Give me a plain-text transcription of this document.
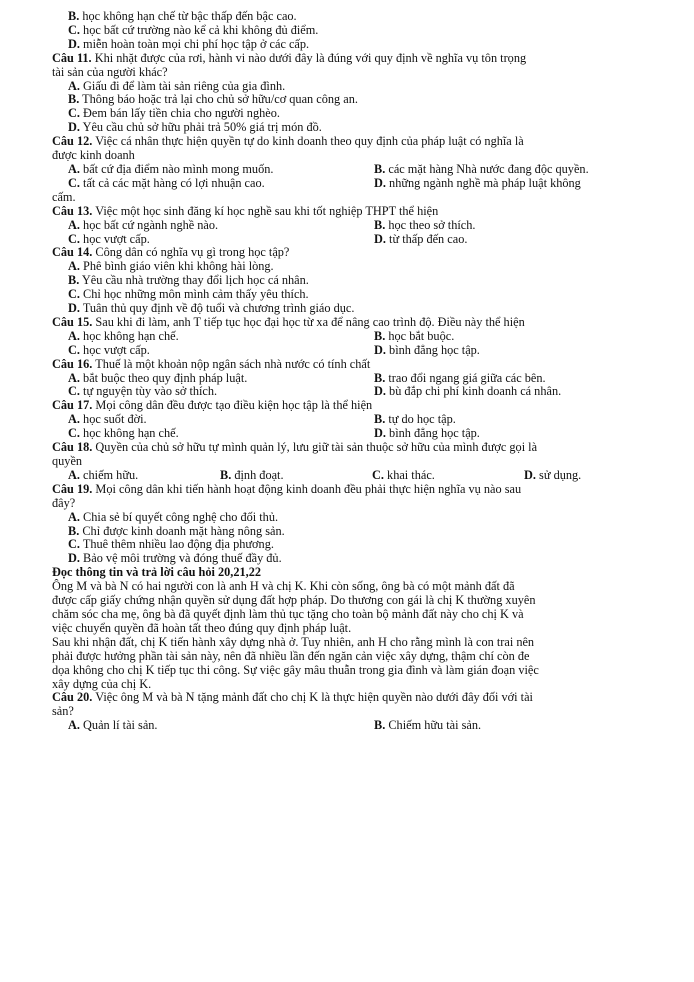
B. học không hạn chế từ bậc thấp đến bậc cao.
C. học bất cứ trường nào kể cả khi không đủ điểm.
D. miễn hoàn toàn mọi chi phí học tập ở các cấp.
Câu 11. Khi nhặt được của rơi, hành vi nào dưới đây là đúng với quy định về nghĩa vụ tôn trọng
tài sản của người khác?
A. Giấu đi để làm tài sản riêng của gia đình.
B. Thông báo hoặc trả lại cho chủ sở hữu/cơ quan công an.
C. Đem bán lấy tiền chia cho người nghèo.
D. Yêu cầu chủ sở hữu phải trả 50% giá trị món đồ.
Câu 12. Việc cá nhân thực hiện quyền tự do kinh doanh theo quy định của pháp luật có nghĩa là
được kinh doanh
A. bất cứ địa điểm nào mình mong muốn.	B. các mặt hàng Nhà nước đang độc quyền.
C. tất cả các mặt hàng có lợi nhuận cao.	D. những ngành nghề mà pháp luật không
cấm.
Câu 13. Việc một học sinh đăng kí học nghề sau khi tốt nghiệp THPT thể hiện
A. học bất cứ ngành nghề nào.	B. học theo sở thích.
C. học vượt cấp.	D. từ thấp đến cao.
Câu 14. Công dân có nghĩa vụ gì trong học tập?
A. Phê bình giáo viên khi không hài lòng.
B. Yêu cầu nhà trường thay đổi lịch học cá nhân.
C. Chỉ học những môn mình cảm thấy yêu thích.
D. Tuân thủ quy định về độ tuổi và chương trình giáo dục.
Câu 15. Sau khi đi làm, anh T tiếp tục học đại học từ xa để nâng cao trình độ. Điều này thể hiện
A. học không hạn chế.	B. học bắt buộc.
C. học vượt cấp.	D. bình đẳng học tập.
Câu 16. Thuế là một khoản nộp ngân sách nhà nước có tính chất
A. bắt buộc theo quy định pháp luật.	B. trao đổi ngang giá giữa các bên.
C. tự nguyện tùy vào sở thích.	D. bù đắp chi phí kinh doanh cá nhân.
Câu 17. Mọi công dân đều được tạo điều kiện học tập là thể hiện
A. học suốt đời.	B. tự do học tập.
C. học không hạn chế.	D. bình đẳng học tập.
Câu 18. Quyền của chủ sở hữu tự mình quản lý, lưu giữ tài sản thuộc sở hữu của mình được gọi là
quyền
A. chiếm hữu.	B. định đoạt.	C. khai thác.	D. sử dụng.
Câu 19. Mọi công dân khi tiến hành hoạt động kinh doanh đều phải thực hiện nghĩa vụ nào sau
đây?
A. Chia sẻ bí quyết công nghệ cho đối thủ.
B. Chỉ được kinh doanh mặt hàng nông sản.
C. Thuê thêm nhiều lao động địa phương.
D. Bảo vệ môi trường và đóng thuế đầy đủ.
Đọc thông tin và trả lời câu hỏi 20,21,22
Ông M và bà N có hai người con là anh H và chị K. Khi còn sống, ông bà có một mảnh đất đã
được cấp giấy chứng nhận quyền sử dụng đất hợp pháp. Do thương con gái là chị K thường xuyên
chăm sóc cha mẹ, ông bà đã quyết định làm thủ tục tặng cho toàn bộ mảnh đất này cho chị K và
việc chuyển quyền đã hoàn tất theo đúng quy định pháp luật.
Sau khi nhận đất, chị K tiến hành xây dựng nhà ở. Tuy nhiên, anh H cho rằng mình là con trai nên
phải được hưởng phần tài sản này, nên đã nhiều lần đến ngăn cản việc xây dựng, thậm chí còn đe
dọa không cho chị K tiếp tục thi công. Sự việc gây mâu thuẫn trong gia đình và làm gián đoạn việc
xây dựng của chị K.
Câu 20. Việc ông M và bà N tặng mảnh đất cho chị K là thực hiện quyền nào dưới đây đối với tài
sản?
A. Quản lí tài sản.	B. Chiếm hữu tài sản.
